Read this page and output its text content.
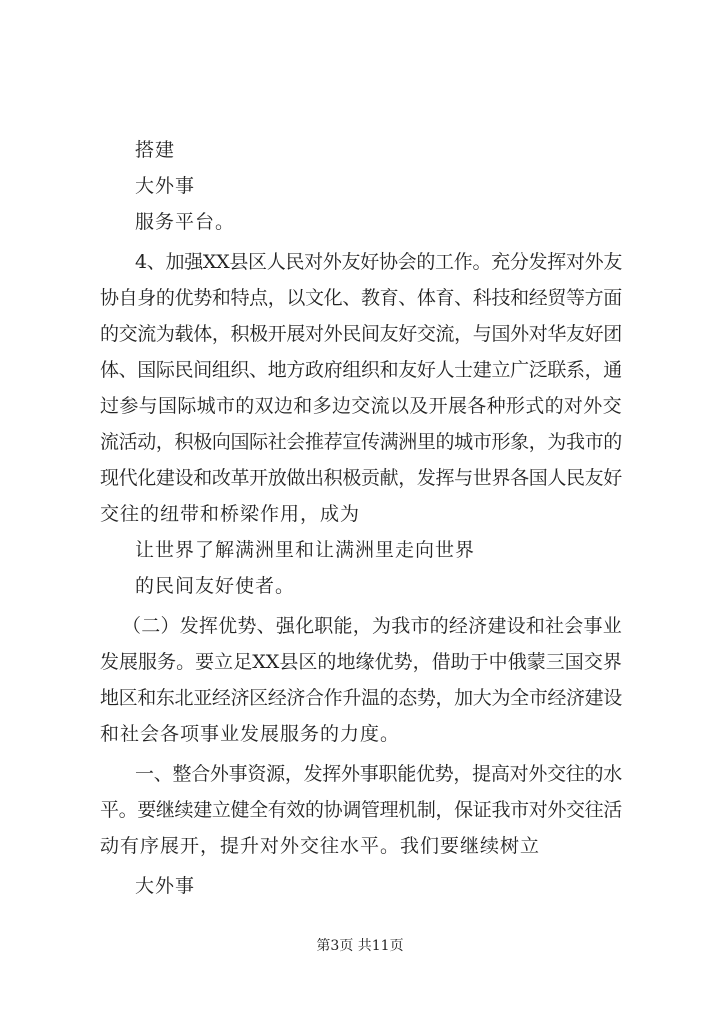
搭建
大外事
服务平台。
4、加强XX县区人民对外友好协会的工作。充分发挥对外友
协自身的优势和特点，以文化、教育、体育、科技和经贸等方面
的交流为载体，积极开展对外民间友好交流，与国外对华友好团
体、国际民间组织、地方政府组织和友好人士建立广泛联系，通
过参与国际城市的双边和多边交流以及开展各种形式的对外交
流活动，积极向国际社会推荐宣传满洲里的城市形象，为我市的
现代化建设和改革开放做出积极贡献，发挥与世界各国人民友好
交往的纽带和桥梁作用，成为
让世界了解满洲里和让满洲里走向世界
的民间友好使者。
（二）发挥优势、强化职能，为我市的经济建设和社会事业
发展服务。要立足XX县区的地缘优势，借助于中俄蒙三国交界
地区和东北亚经济区经济合作升温的态势，加大为全市经济建设
和社会各项事业发展服务的力度。
一、整合外事资源，发挥外事职能优势，提高对外交往的水
平。要继续建立健全有效的协调管理机制，保证我市对外交往活
动有序展开，提升对外交往水平。我们要继续树立
大外事
第3页 共11页
